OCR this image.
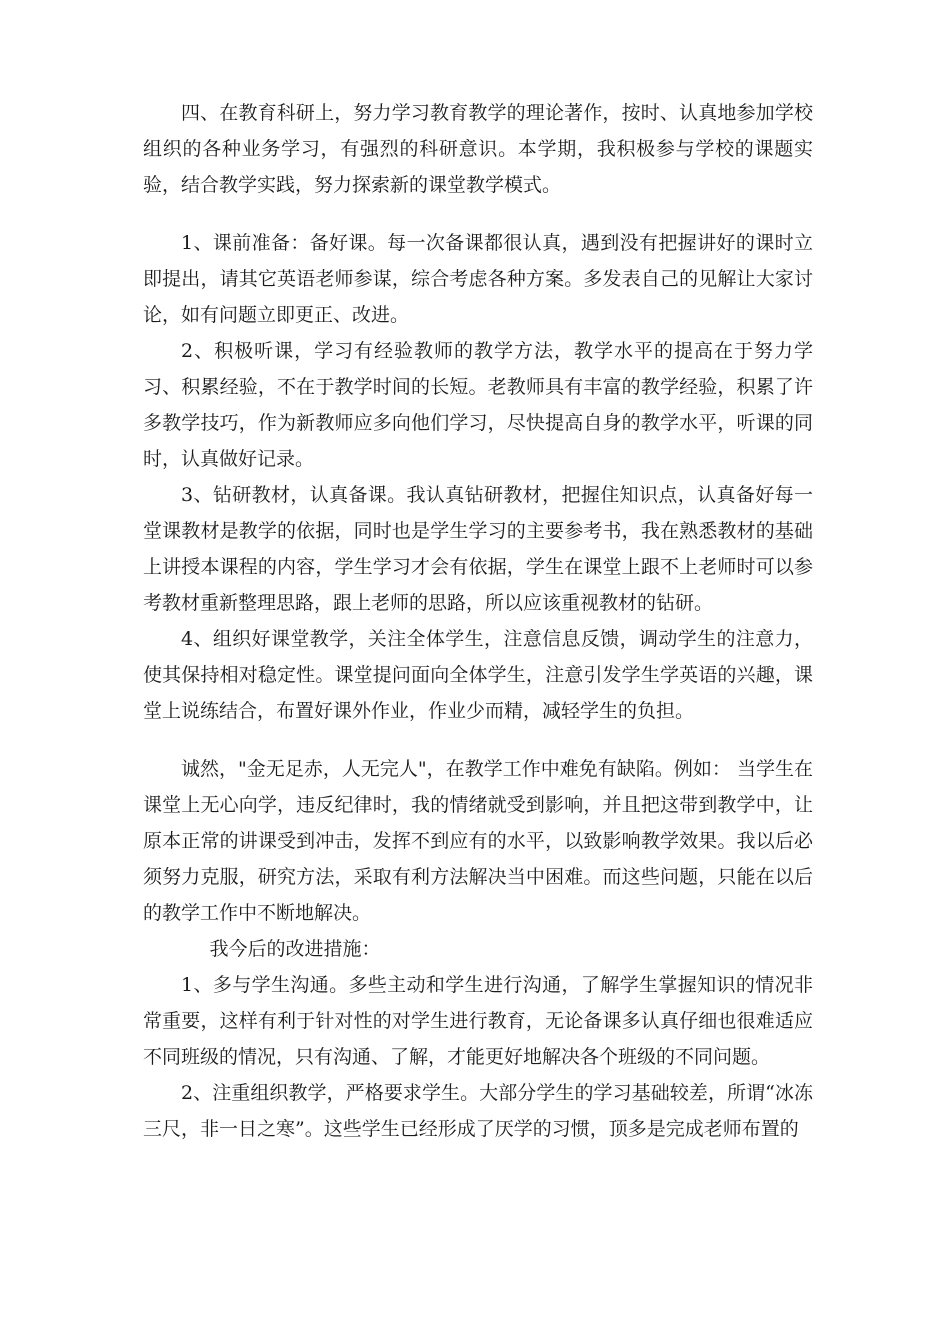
四、在教育科研上，努力学习教育教学的理论著作，按时、认真地参加学校组织的各种业务学习，有强烈的科研意识。本学期，我积极参与学校的课题实验，结合教学实践，努力探索新的课堂教学模式。

1、课前准备：备好课。每一次备课都很认真，遇到没有把握讲好的课时立即提出，请其它英语老师参谋，综合考虑各种方案。多发表自己的见解让大家讨论，如有问题立即更正、改进。

2、积极听课，学习有经验教师的教学方法，教学水平的提高在于努力学习、积累经验，不在于教学时间的长短。老教师具有丰富的教学经验，积累了许多教学技巧，作为新教师应多向他们学习，尽快提高自身的教学水平，听课的同时，认真做好记录。

3、钻研教材，认真备课。我认真钻研教材，把握住知识点，认真备好每一堂课教材是教学的依据，同时也是学生学习的主要参考书，我在熟悉教材的基础上讲授本课程的内容，学生学习才会有依据，学生在课堂上跟不上老师时可以参考教材重新整理思路，跟上老师的思路，所以应该重视教材的钻研。

4、组织好课堂教学，关注全体学生，注意信息反馈，调动学生的注意力，使其保持相对稳定性。课堂提问面向全体学生，注意引发学生学英语的兴趣，课堂上说练结合，布置好课外作业，作业少而精，减轻学生的负担。

诚然，"金无足赤，人无完人"，在教学工作中难免有缺陷。例如： 当学生在课堂上无心向学，违反纪律时，我的情绪就受到影响，并且把这带到教学中，让原本正常的讲课受到冲击，发挥不到应有的水平，以致影响教学效果。我以后必须努力克服，研究方法，采取有利方法解决当中困难。而这些问题，只能在以后的教学工作中不断地解决。

我今后的改进措施：

1、多与学生沟通。多些主动和学生进行沟通，了解学生掌握知识的情况非常重要，这样有利于针对性的对学生进行教育，无论备课多认真仔细也很难适应不同班级的情况，只有沟通、了解，才能更好地解决各个班级的不同问题。

2、注重组织教学，严格要求学生。大部分学生的学习基础较差，所谓“冰冻三尺，非一日之寒”。这些学生已经形成了厌学的习惯，顶多是完成老师布置的
